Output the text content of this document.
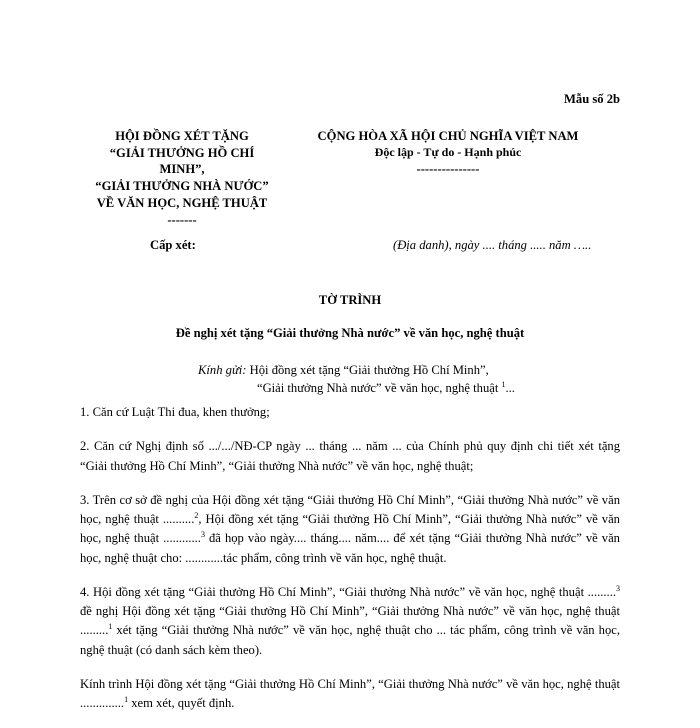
Mẫu số 2b
HỘI ĐỒNG XÉT TẶNG
“GIẢI THƯỞNG HỒ CHÍ
MINH”,
“GIẢI THƯỞNG NHÀ NƯỚC”
VỀ VĂN HỌC, NGHỆ THUẬT
-------
CỘNG HÒA XÃ HỘI CHỦ NGHĨA VIỆT NAM
Độc lập - Tự do - Hạnh phúc
---------------
Cấp xét:	(Địa danh), ngày .... tháng ..... năm …..
TỜ TRÌNH
Đề nghị xét tặng “Giải thưởng Nhà nước” về văn học, nghệ thuật
Kính gửi: Hội đồng xét tặng “Giải thưởng Hồ Chí Minh”,
“Giải thưởng Nhà nước” về văn học, nghệ thuật $^1$...

1. Căn cứ Luật Thi đua, khen thưởng;

2. Căn cứ Nghị định số .../.../NĐ-CP ngày ... tháng ... năm ... của Chính phủ quy định chi tiết xét tặng “Giải thưởng Hồ Chí Minh”, “Giải thưởng Nhà nước” về văn học, nghệ thuật;

3. Trên cơ sở đề nghị của Hội đồng xét tặng “Giải thưởng Hồ Chí Minh”, “Giải thưởng Nhà nước” về văn học, nghệ thuật ..........$^2$, Hội đồng xét tặng “Giải thưởng Hồ Chí Minh”, “Giải thưởng Nhà nước” về văn học, nghệ thuật ............$^3$ đã họp vào ngày.... tháng.... năm.... để xét tặng “Giải thưởng Nhà nước” về văn học, nghệ thuật cho: ............tác phẩm, công trình về văn học, nghệ thuật.

4. Hội đồng xét tặng “Giải thưởng Hồ Chí Minh”, “Giải thưởng Nhà nước” về văn học, nghệ thuật .........$^3$ đề nghị Hội đồng xét tặng “Giải thưởng Hồ Chí Minh”, “Giải thưởng Nhà nước” về văn học, nghệ thuật .........$^1$ xét tặng “Giải thưởng Nhà nước” về văn học, nghệ thuật cho ... tác phẩm, công trình về văn học, nghệ thuật (có danh sách kèm theo).

Kính trình Hội đồng xét tặng “Giải thưởng Hồ Chí Minh”, “Giải thưởng Nhà nước” về văn học, nghệ thuật ..............$^1$ xem xét, quyết định.
